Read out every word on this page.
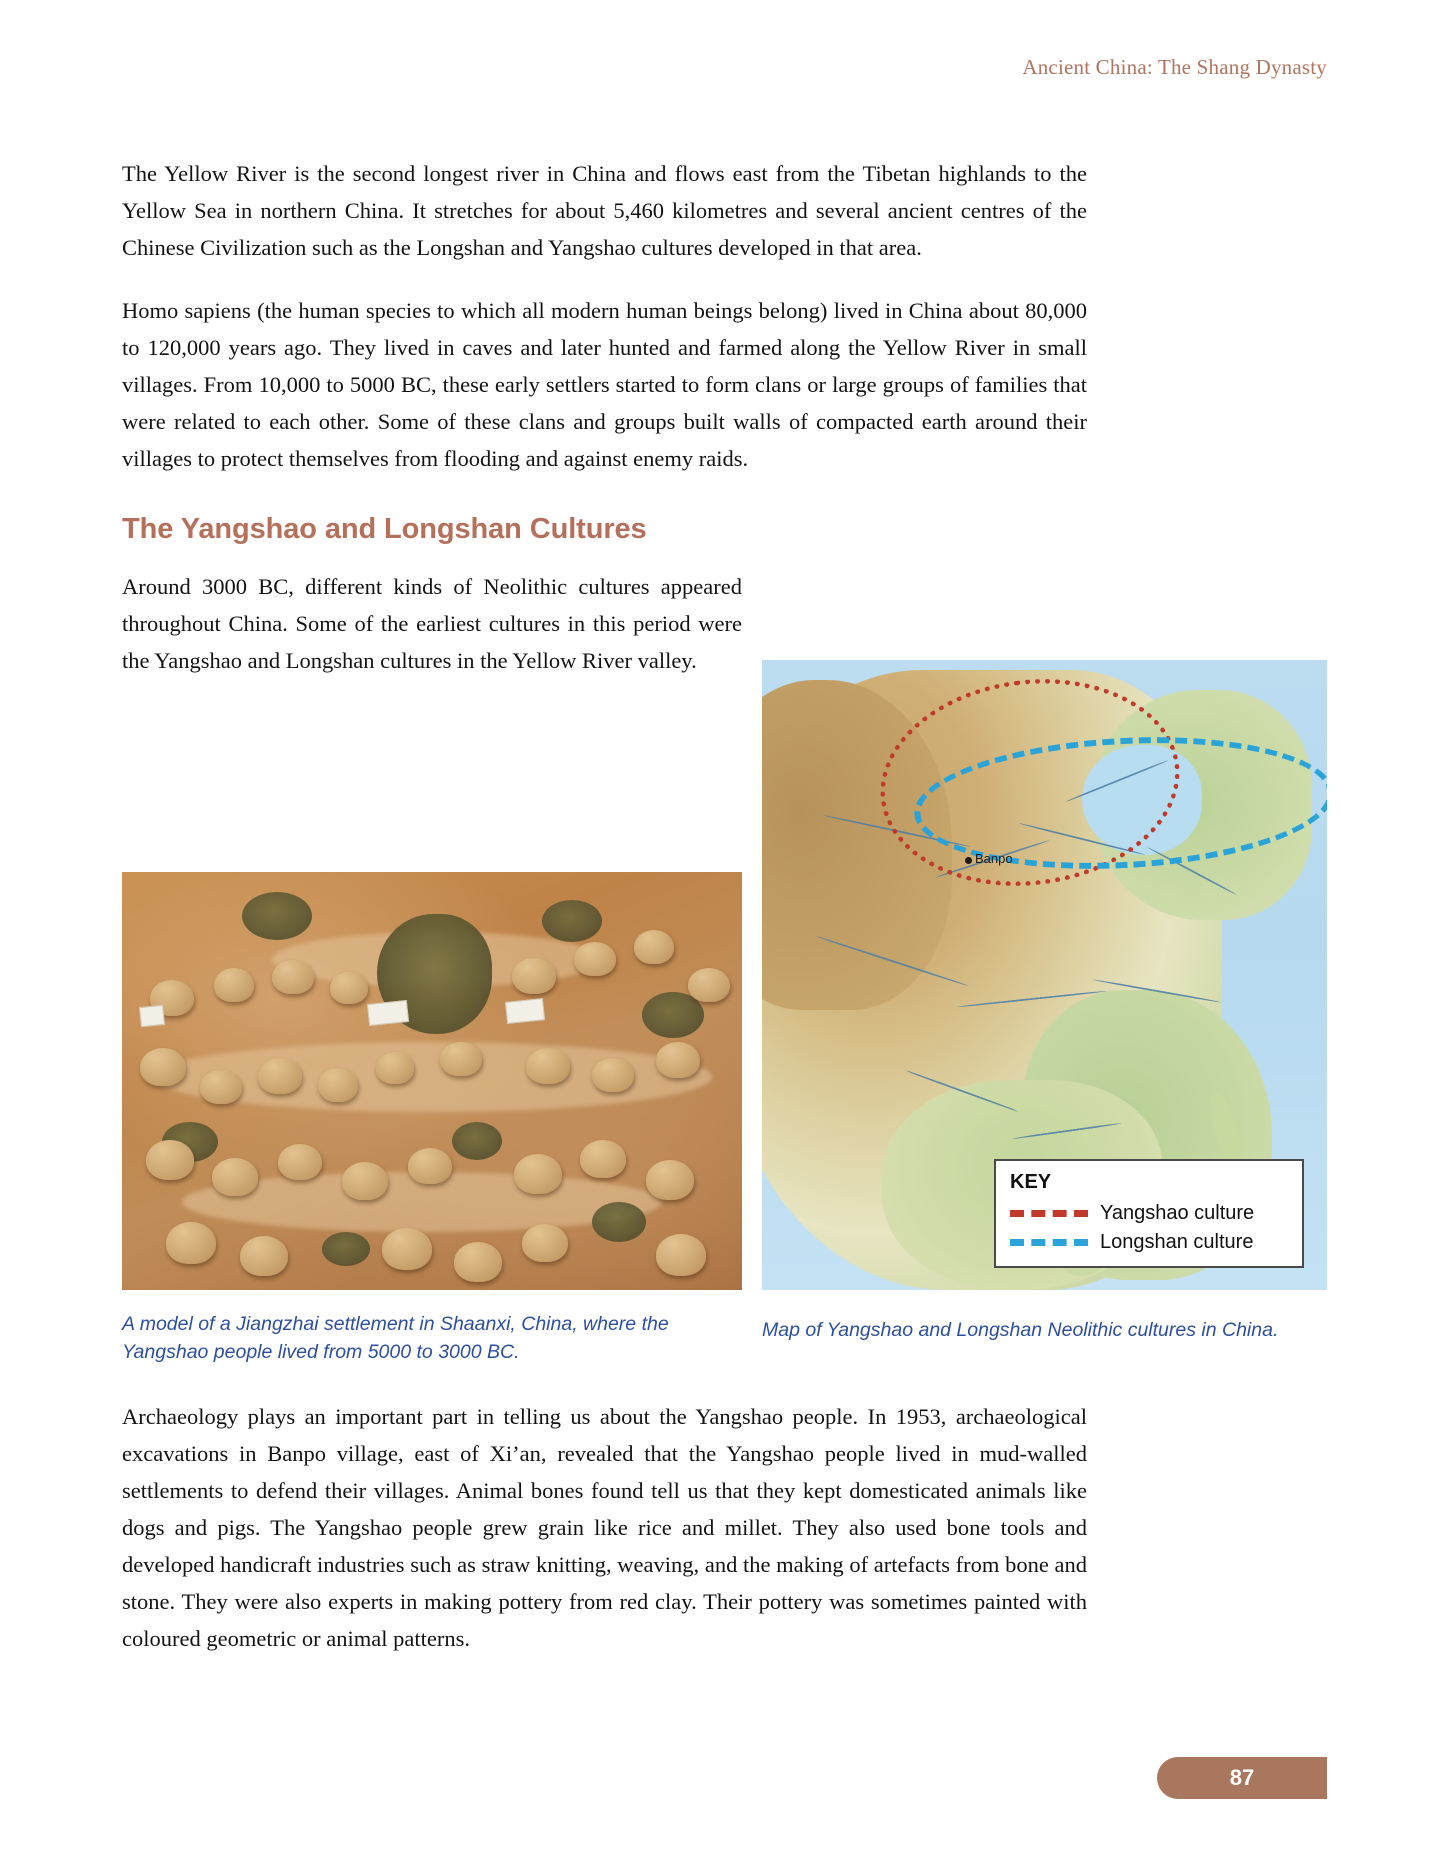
Ancient China: The Shang Dynasty

The Yellow River is the second longest river in China and flows east from the Tibetan highlands to the Yellow Sea in northern China. It stretches for about 5,460 kilometres and several ancient centres of the Chinese Civilization such as the Longshan and Yangshao cultures developed in that area.

Homo sapiens (the human species to which all modern human beings belong) lived in China about 80,000 to 120,000 years ago. They lived in caves and later hunted and farmed along the Yellow River in small villages. From 10,000 to 5000 BC, these early settlers started to form clans or large groups of families that were related to each other. Some of these clans and groups built walls of compacted earth around their villages to protect themselves from flooding and against enemy raids.

The Yangshao and Longshan Cultures

Around 3000 BC, different kinds of Neolithic cultures appeared throughout China. Some of the earliest cultures in this period were the Yangshao and Longshan cultures in the Yellow River valley.

Banpo
KEY
Yangshao culture
Longshan culture
A model of a Jiangzhai settlement in Shaanxi, China, where the Yangshao people lived from 5000 to 3000 BC.
Map of Yangshao and Longshan Neolithic cultures in China.

Archaeology plays an important part in telling us about the Yangshao people. In 1953, archaeological excavations in Banpo village, east of Xi’an, revealed that the Yangshao people lived in mud-walled settlements to defend their villages. Animal bones found tell us that they kept domesticated animals like dogs and pigs. The Yangshao people grew grain like rice and millet. They also used bone tools and developed handicraft industries such as straw knitting, weaving, and the making of artefacts from bone and stone. They were also experts in making pottery from red clay. Their pottery was sometimes painted with coloured geometric or animal patterns.

87
